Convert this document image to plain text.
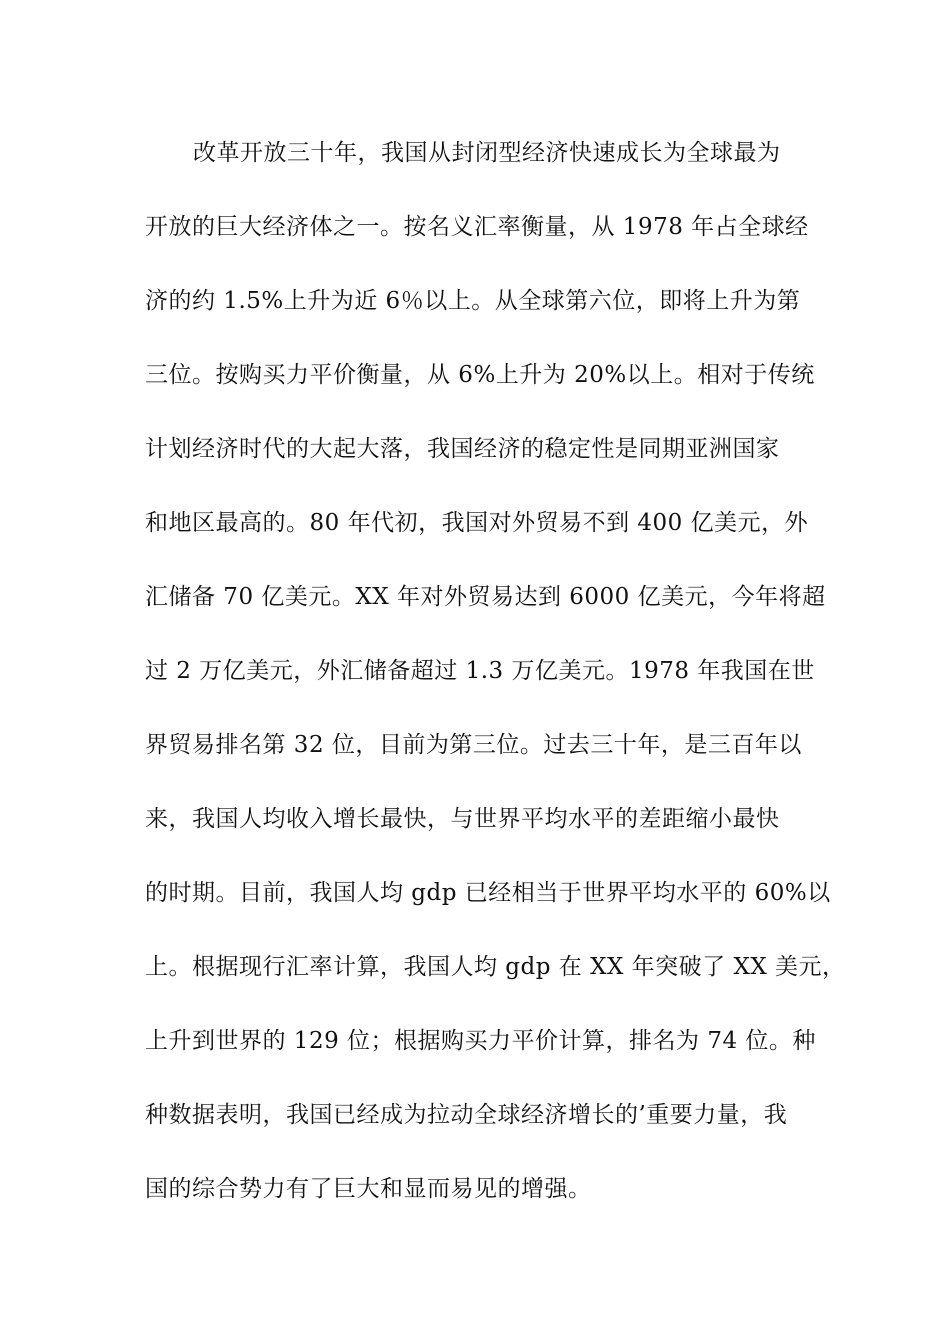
改革开放三十年，我国从封闭型经济快速成长为全球最为
开放的巨大经济体之一。按名义汇率衡量，从 1978 年占全球经
济的约 1.5%上升为近 6％以上。从全球第六位，即将上升为第
三位。按购买力平价衡量，从 6%上升为 20%以上。相对于传统
计划经济时代的大起大落，我国经济的稳定性是同期亚洲国家
和地区最高的。80 年代初，我国对外贸易不到 400 亿美元，外
汇储备 70 亿美元。XX 年对外贸易达到 6000 亿美元，今年将超
过 2 万亿美元，外汇储备超过 1.3 万亿美元。1978 年我国在世
界贸易排名第 32 位，目前为第三位。过去三十年，是三百年以
来，我国人均收入增长最快，与世界平均水平的差距缩小最快
的时期。目前，我国人均 gdp 已经相当于世界平均水平的 60%以
上。根据现行汇率计算，我国人均 gdp 在 XX 年突破了 XX 美元，
上升到世界的 129 位；根据购买力平价计算，排名为 74 位。种
种数据表明，我国已经成为拉动全球经济增长的’重要力量，我
国的综合势力有了巨大和显而易见的增强。
